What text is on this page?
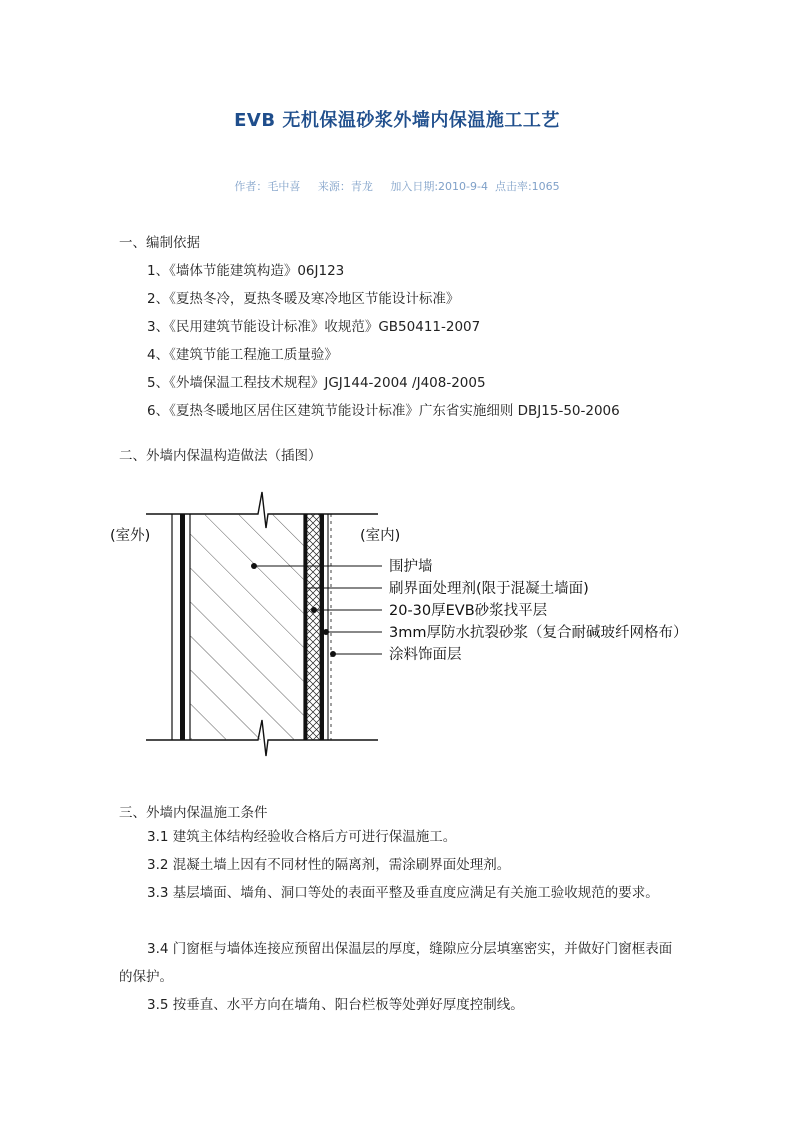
EVB 无机保温砂浆外墙内保温施工工艺
作者：毛中喜 来源：青龙 加入日期:2010-9-4 点击率:1065
一、编制依据
1、《墙体节能建筑构造》06J123
2、《夏热冬冷，夏热冬暖及寒冷地区节能设计标准》
3、《民用建筑节能设计标准》收规范》GB50411-2007
4、《建筑节能工程施工质量验》
5、《外墙保温工程技术规程》JGJ144-2004 /J408-2005
6、《夏热冬暖地区居住区建筑节能设计标准》广东省实施细则 DBJ15-50-2006
二、外墙内保温构造做法（插图）
(室外)	(室内)
围护墙
刷界面处理剂(限于混凝土墙面)
20-30厚EVB砂浆找平层
3mm厚防水抗裂砂浆（复合耐碱玻纤网格布）
涂料饰面层
三、外墙内保温施工条件
3.1 建筑主体结构经验收合格后方可进行保温施工。
3.2 混凝土墙上因有不同材性的隔离剂，需涂刷界面处理剂。
3.3 基层墙面、墙角、洞口等处的表面平整及垂直度应满足有关施工验收规范的要求。
3.4 门窗框与墙体连接应预留出保温层的厚度，缝隙应分层填塞密实，并做好门窗框表面的保护。
3.5 按垂直、水平方向在墙角、阳台栏板等处弹好厚度控制线。
